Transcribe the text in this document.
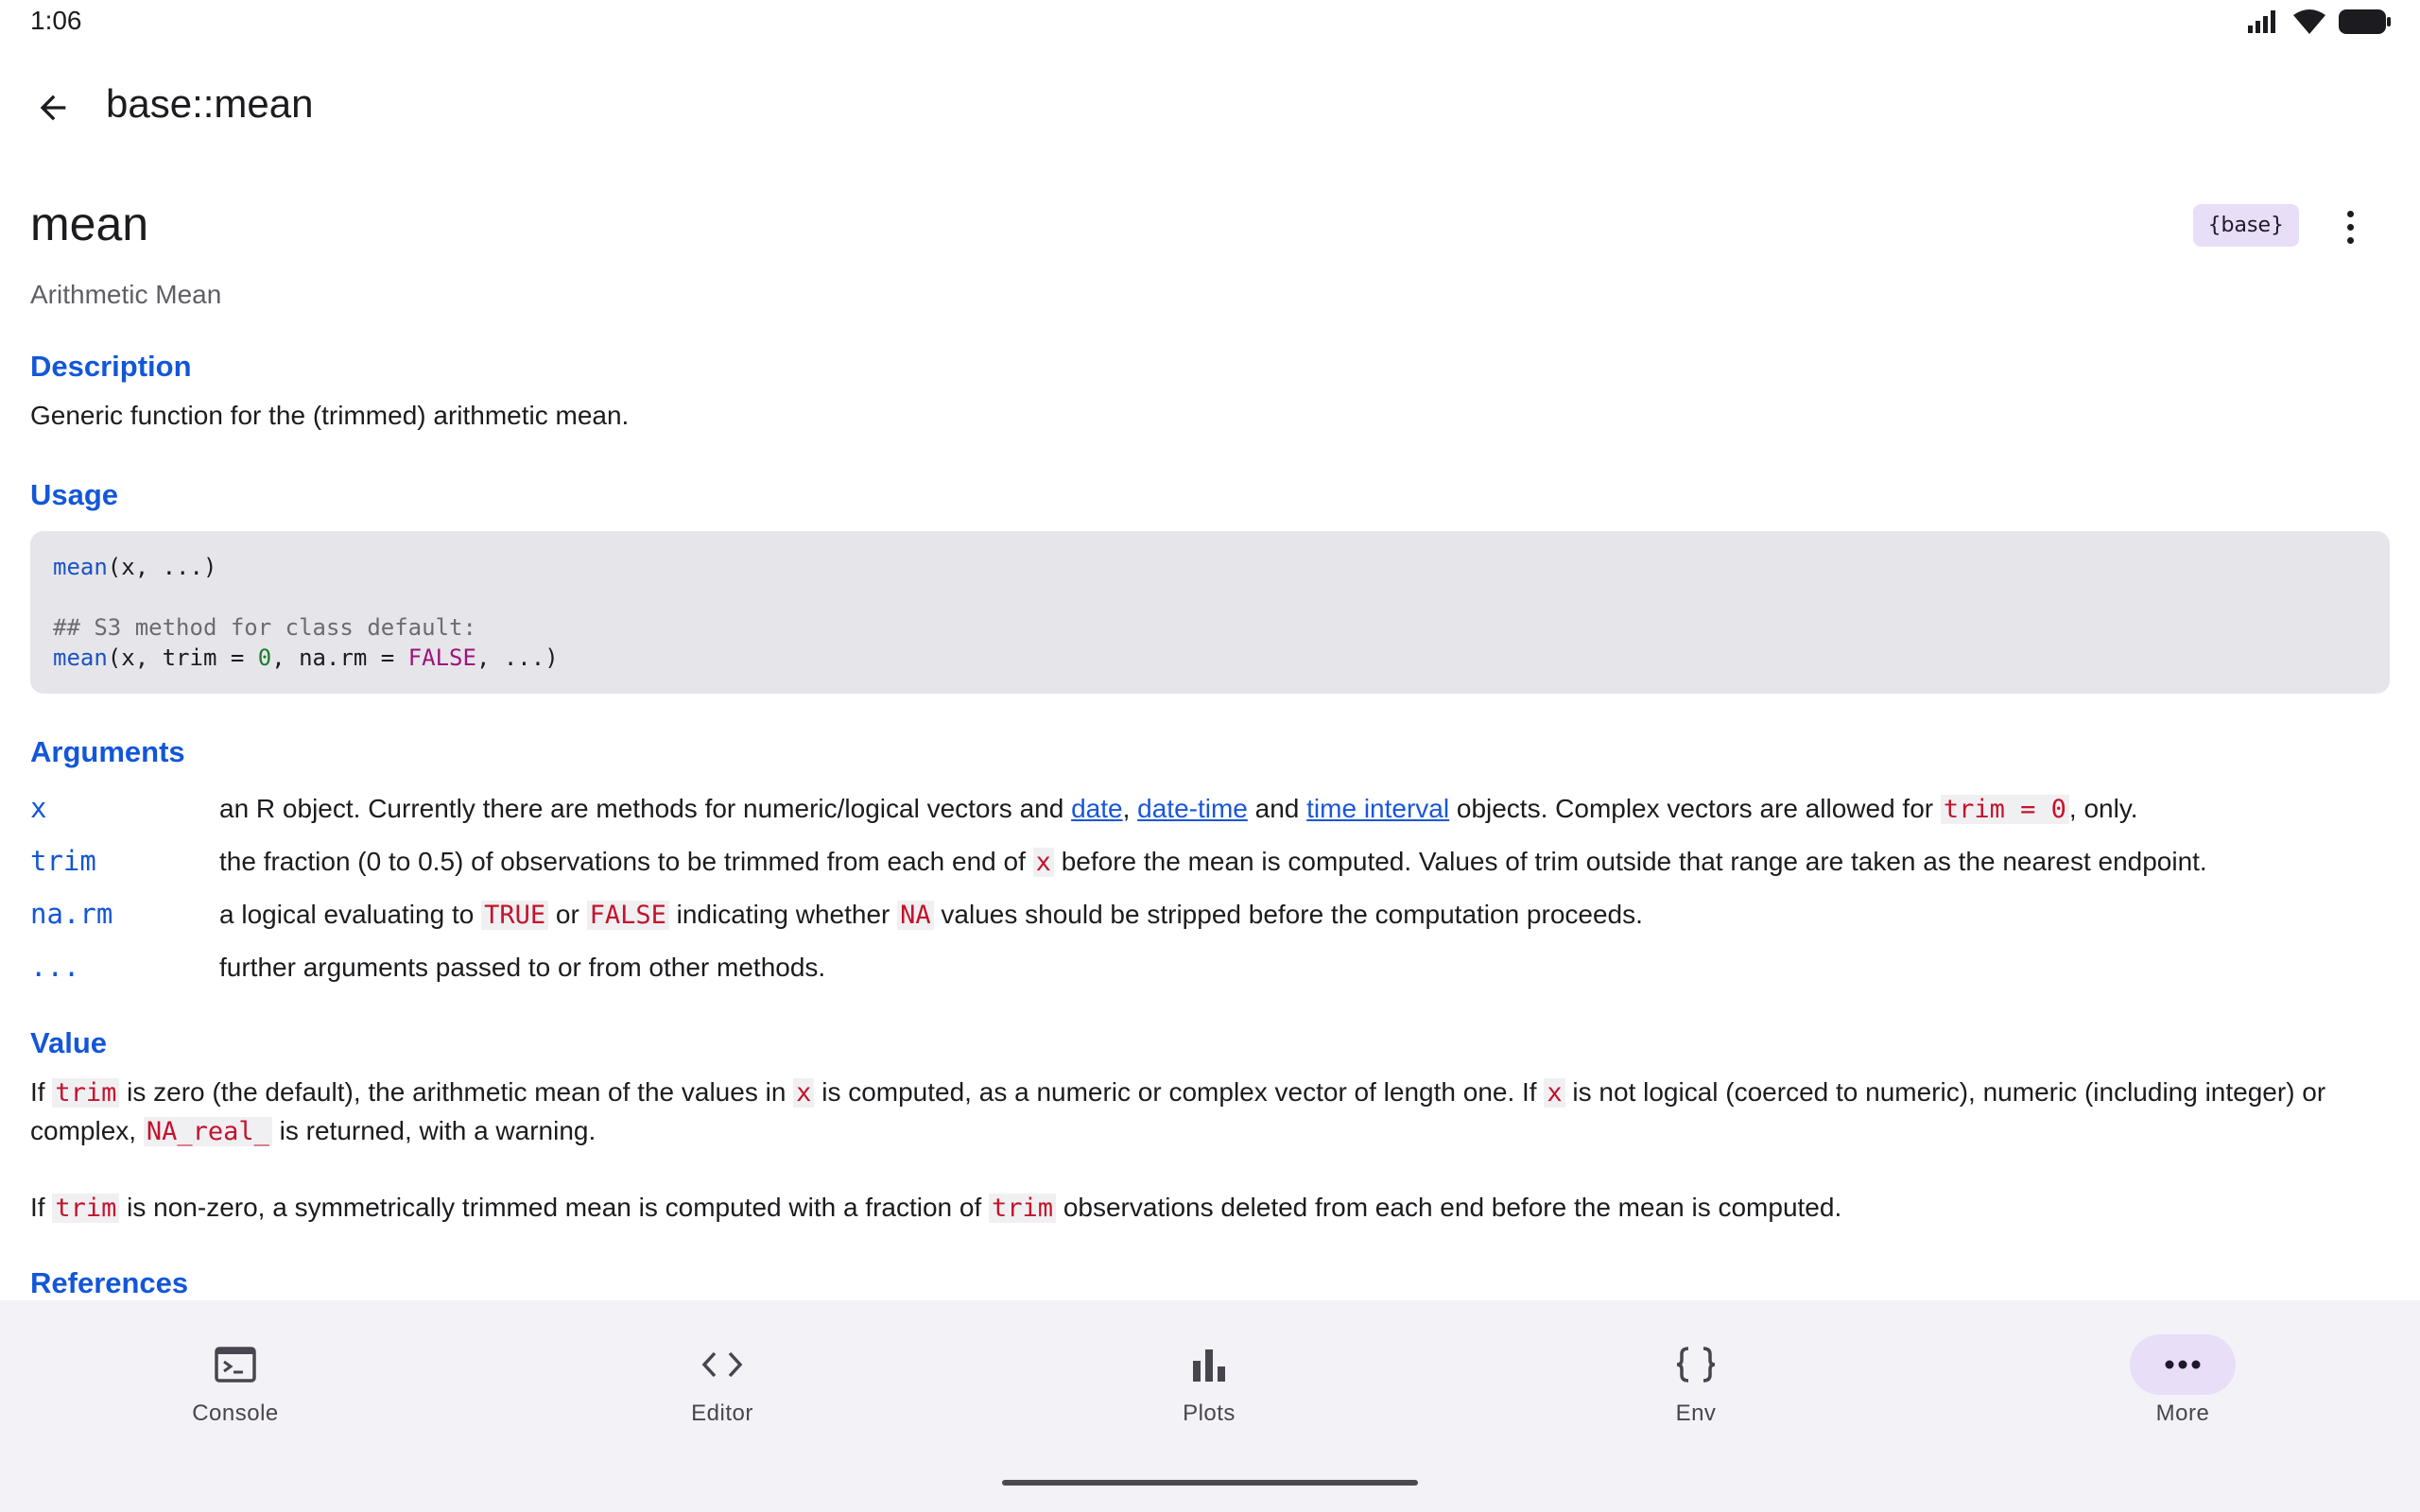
1:06
base::mean
mean
Arithmetic Mean
{base}
Description

Generic function for the (trimmed) arithmetic mean.

Usage
mean(x, ...)

## S3 method for class default:
mean(x, trim = 0, na.rm = FALSE, ...)
Arguments
x	an R object. Currently there are methods for numeric/logical vectors and date, date-time and time interval objects. Complex vectors are allowed for trim = 0 , only.
trim	the fraction (0 to 0.5) of observations to be trimmed from each end of x before the mean is computed. Values of trim outside that range are taken as the nearest endpoint.
na.rm	a logical evaluating to TRUE or FALSE indicating whether NA values should be stripped before the computation proceeds.
...	further arguments passed to or from other methods.
Value

If trim is zero (the default), the arithmetic mean of the values in x is computed, as a numeric or complex vector of length one. If x is not logical (coerced to numeric), numeric (including integer) or complex, NA_real_ is returned, with a warning.

If trim is non-zero, a symmetrically trimmed mean is computed with a fraction of trim observations deleted from each end before the mean is computed.

References
Console	Editor	Plots	Env	More
